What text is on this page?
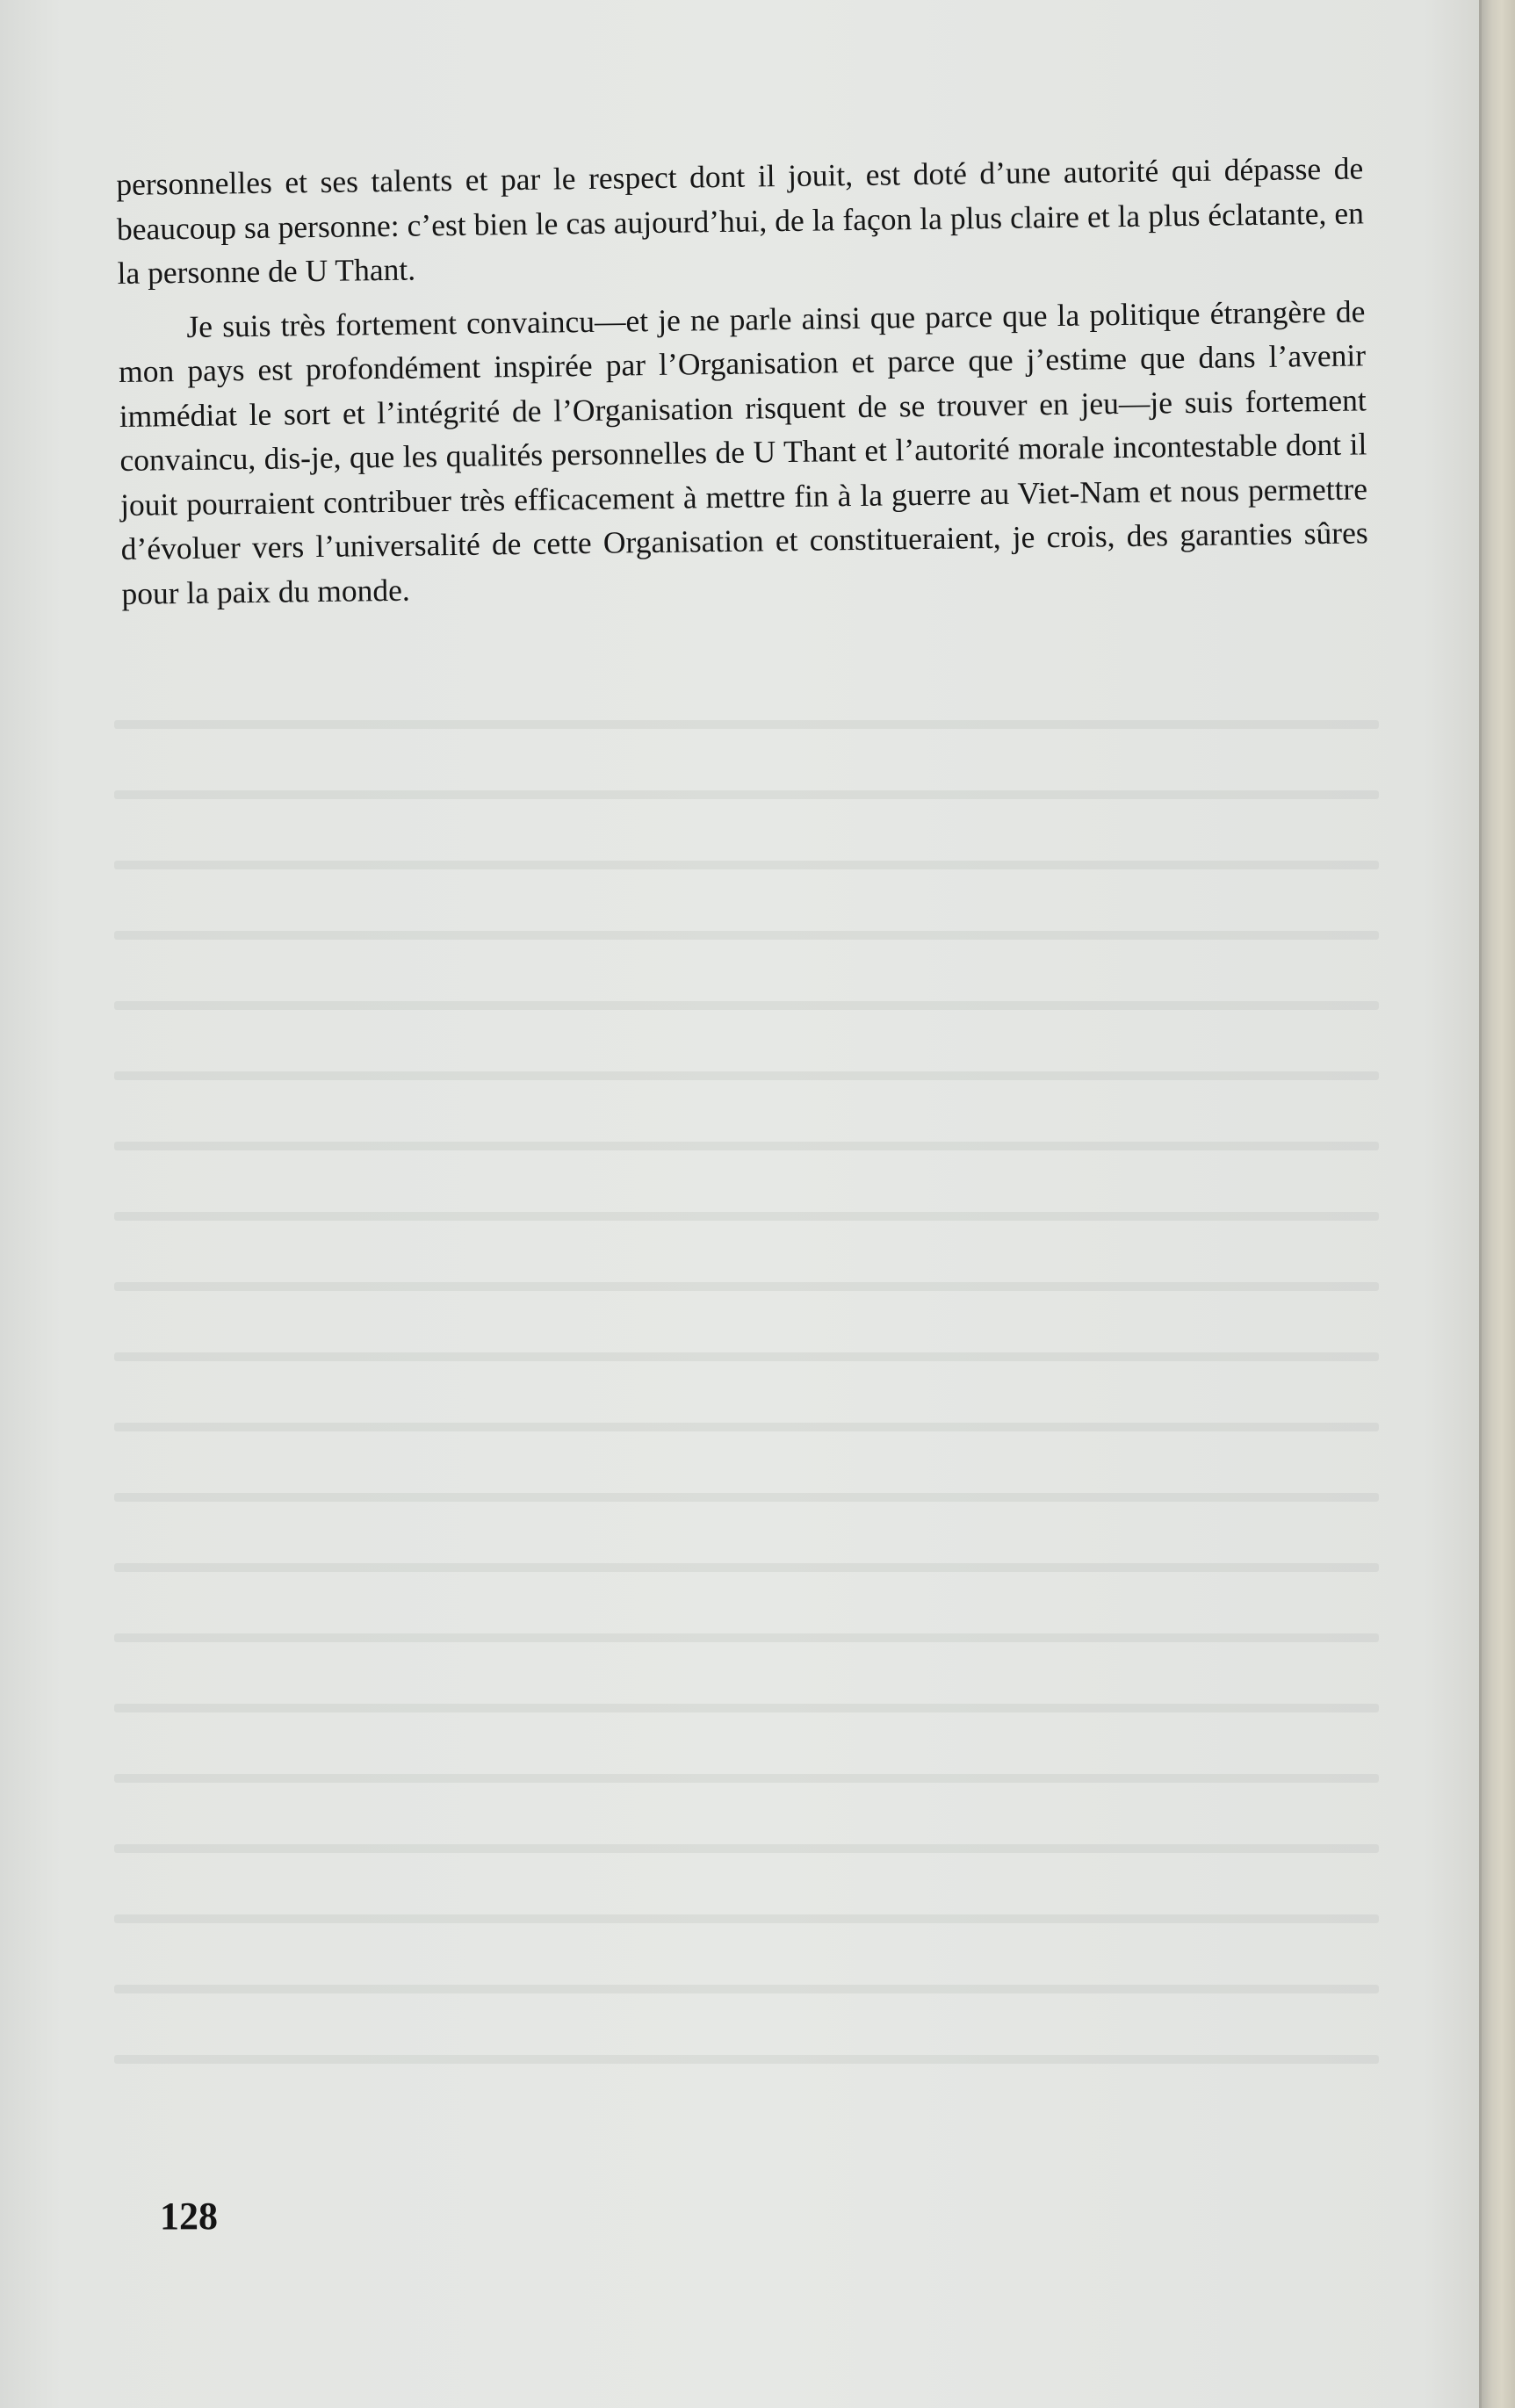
personnelles et ses talents et par le respect dont il jouit, est doté d’une autorité qui dépasse de beaucoup sa personne: c’est bien le cas aujourd’hui, de la façon la plus claire et la plus éclatante, en la personne de U Thant.

Je suis très fortement convaincu—et je ne parle ainsi que parce que la politique étrangère de mon pays est profondément inspirée par l’Organisation et parce que j’estime que dans l’avenir immédiat le sort et l’intégrité de l’Organisation risquent de se trouver en jeu—je suis fortement convaincu, dis-je, que les qualités personnelles de U Thant et l’autorité morale incontestable dont il jouit pourraient contribuer très efficacement à mettre fin à la guerre au Viet-Nam et nous permettre d’évoluer vers l’universalité de cette Organisation et constitueraient, je crois, des garanties sûres pour la paix du monde.

128
